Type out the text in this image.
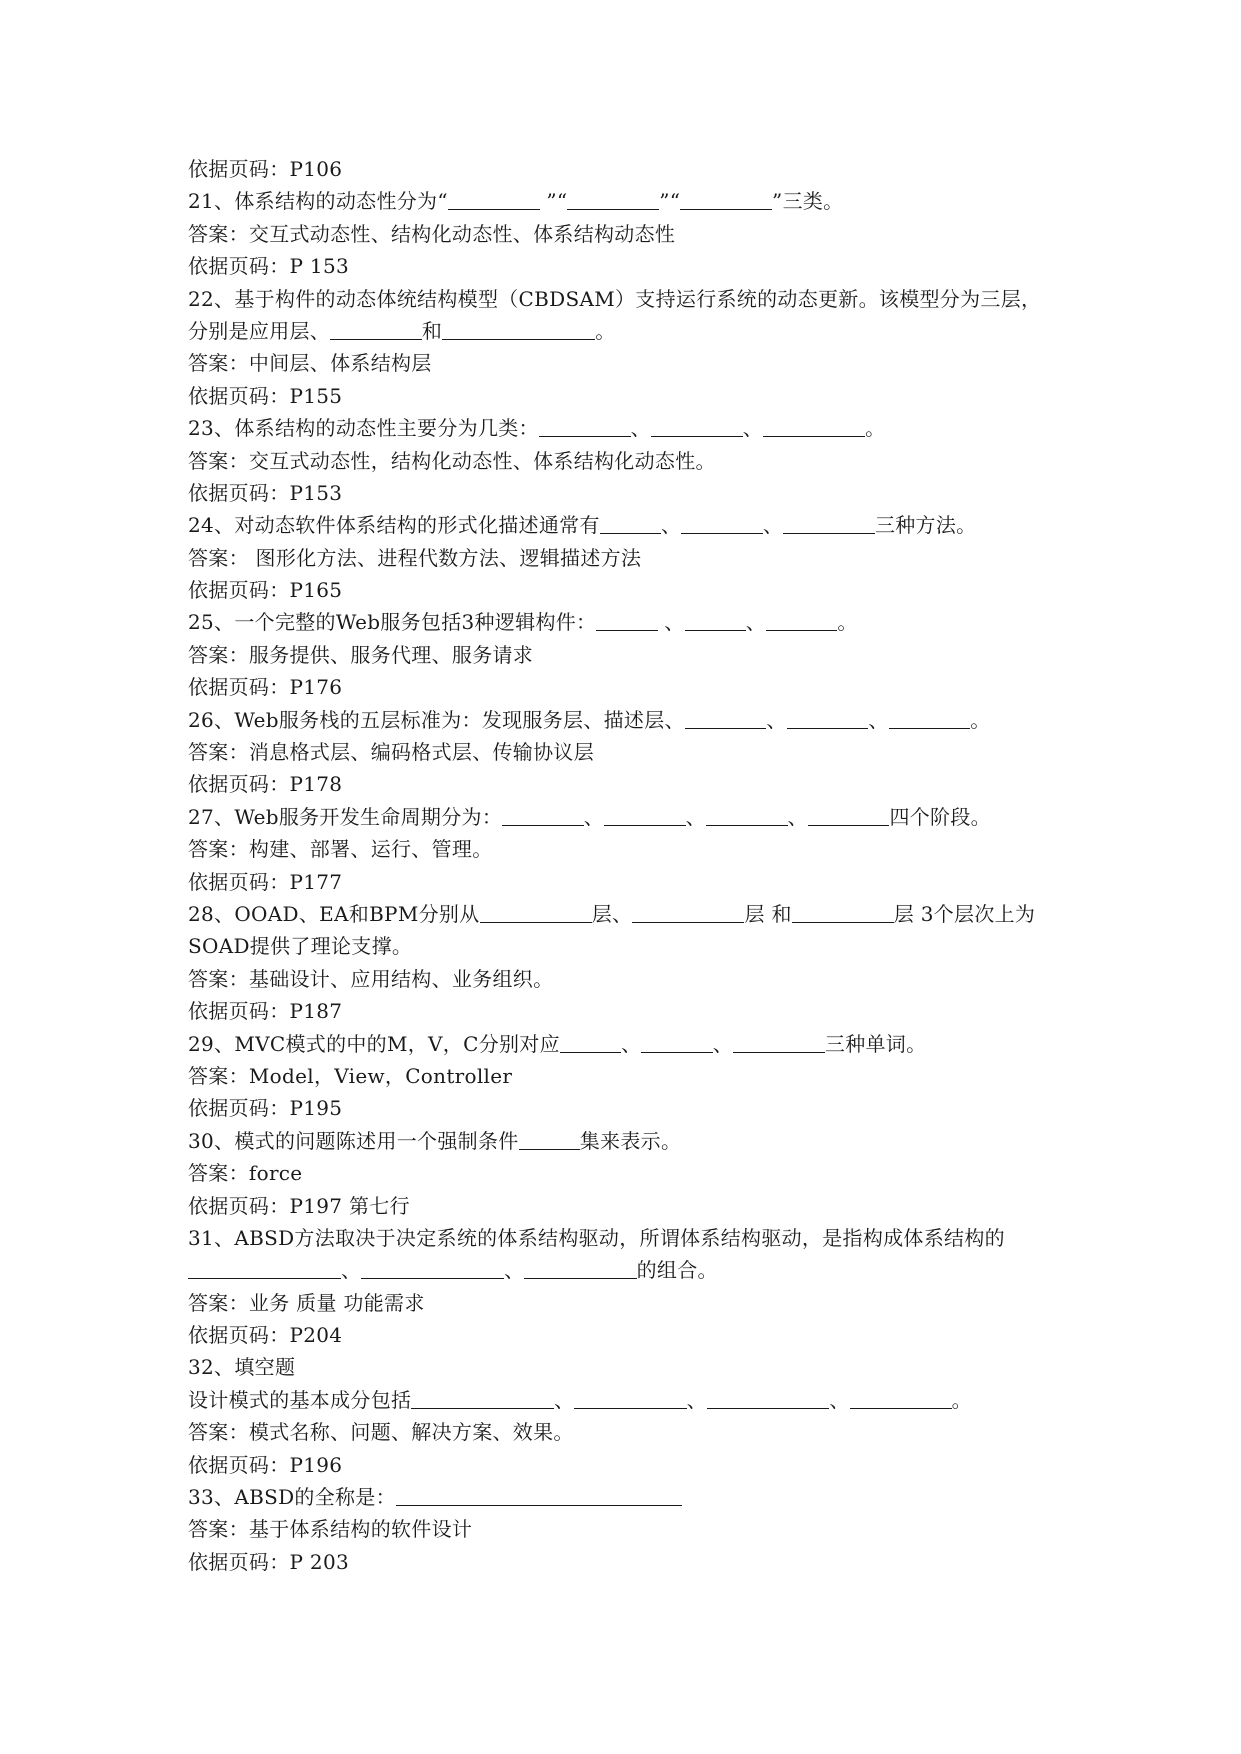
依据页码：P106
21、体系结构的动态性分为“	”“	”“	”三类。
答案：交互式动态性、结构化动态性、体系结构动态性
依据页码：P 153
22、基于构件的动态体统结构模型（CBDSAM）支持运行系统的动态更新。该模型分为三层，
分别是应用层、	和	。
答案：中间层、体系结构层
依据页码：P155
23、体系结构的动态性主要分为几类：	、	、	。
答案：交互式动态性，结构化动态性、体系结构化动态性。
依据页码：P153
24、对动态软件体系结构的形式化描述通常有	、	、	三种方法。
答案： 图形化方法、进程代数方法、逻辑描述方法
依据页码：P165
25、一个完整的Web服务包括3种逻辑构件：	、	、	。
答案：服务提供、服务代理、服务请求
依据页码：P176
26、Web服务栈的五层标准为：发现服务层、描述层、	、	、	。
答案：消息格式层、编码格式层、传输协议层
依据页码：P178
27、Web服务开发生命周期分为：	、	、	、	四个阶段。
答案：构建、部署、运行、管理。
依据页码：P177
28、OOAD、EA和BPM分别从	层、	层 和	层 3个层次上为
SOAD提供了理论支撑。
答案：基础设计、应用结构、业务组织。
依据页码：P187
29、MVC模式的中的M，V，C分别对应	、	、	三种单词。
答案：Model，View，Controller
依据页码：P195
30、模式的问题陈述用一个强制条件	集来表示。
答案：force
依据页码：P197 第七行
31、ABSD方法取决于决定系统的体系结构驱动，所谓体系结构驱动，是指构成体系结构的
、	、	的组合。
答案：业务 质量 功能需求
依据页码：P204
32、填空题
设计模式的基本成分包括	、	、	、	。
答案：模式名称、问题、解决方案、效果。
依据页码：P196
33、ABSD的全称是：
答案：基于体系结构的软件设计
依据页码：P 203
